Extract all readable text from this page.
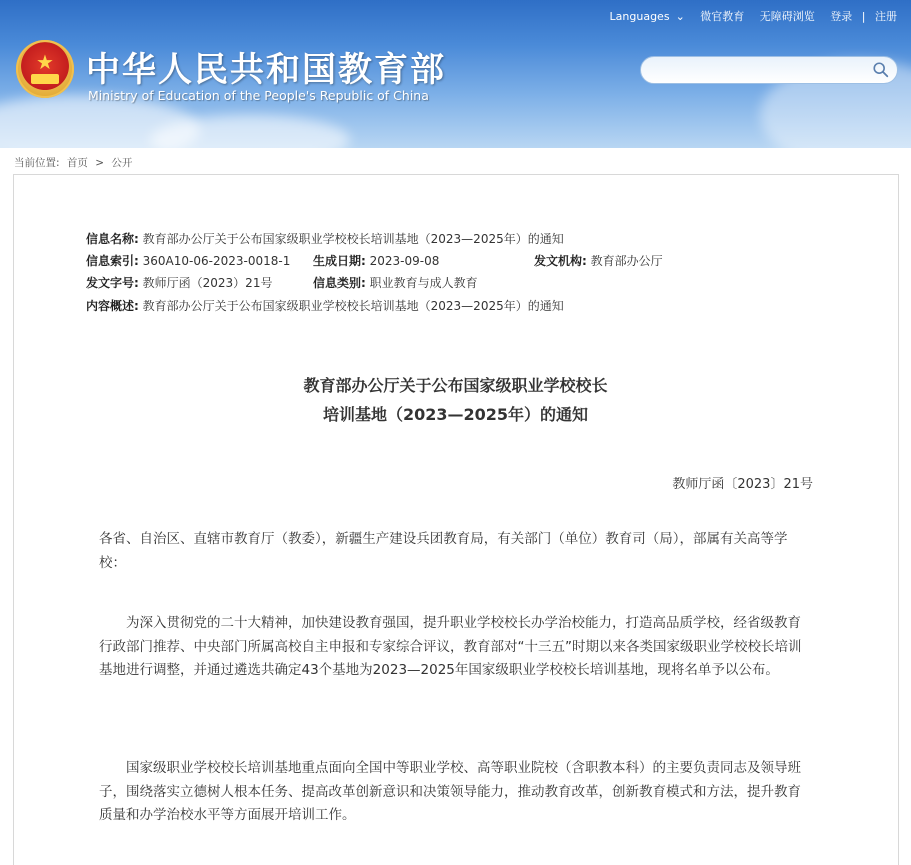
Languages ⌄ 微官教育 无障碍浏览 登录 | 注册
★ 中华人民共和国教育部
Ministry of Education of the People's Republic of China
当前位置: 首页 > 公开
信息名称: 教育部办公厅关于公布国家级职业学校校长培训基地（2023—2025年）的通知
信息索引: 360A10-06-2023-0018-1 生成日期: 2023-09-08	发文机构: 教育部办公厅
发文字号: 教师厅函（2023）21号	信息类别: 职业教育与成人教育
内容概述: 教育部办公厅关于公布国家级职业学校校长培训基地（2023—2025年）的通知
教育部办公厅关于公布国家级职业学校校长
培训基地（2023—2025年）的通知
教师厅函〔2023〕21号
各省、自治区、直辖市教育厅（教委），新疆生产建设兵团教育局，有关部门（单位）教育司（局），部属有关高等学校：
为深入贯彻党的二十大精神，加快建设教育强国，提升职业学校校长办学治校能力，打造高品质学校，经省级教育行政部门推荐、中央部门所属高校自主申报和专家综合评议，教育部对“十三五”时期以来各类国家级职业学校校长培训基地进行调整，并通过遴选共确定43个基地为2023—2025年国家级职业学校校长培训基地，现将名单予以公布。
国家级职业学校校长培训基地重点面向全国中等职业学校、高等职业院校（含职教本科）的主要负责同志及领导班子，围绕落实立德树人根本任务、提高改革创新意识和决策领导能力，推动教育改革，创新教育模式和方法，提升教育质量和办学治校水平等方面展开培训工作。
